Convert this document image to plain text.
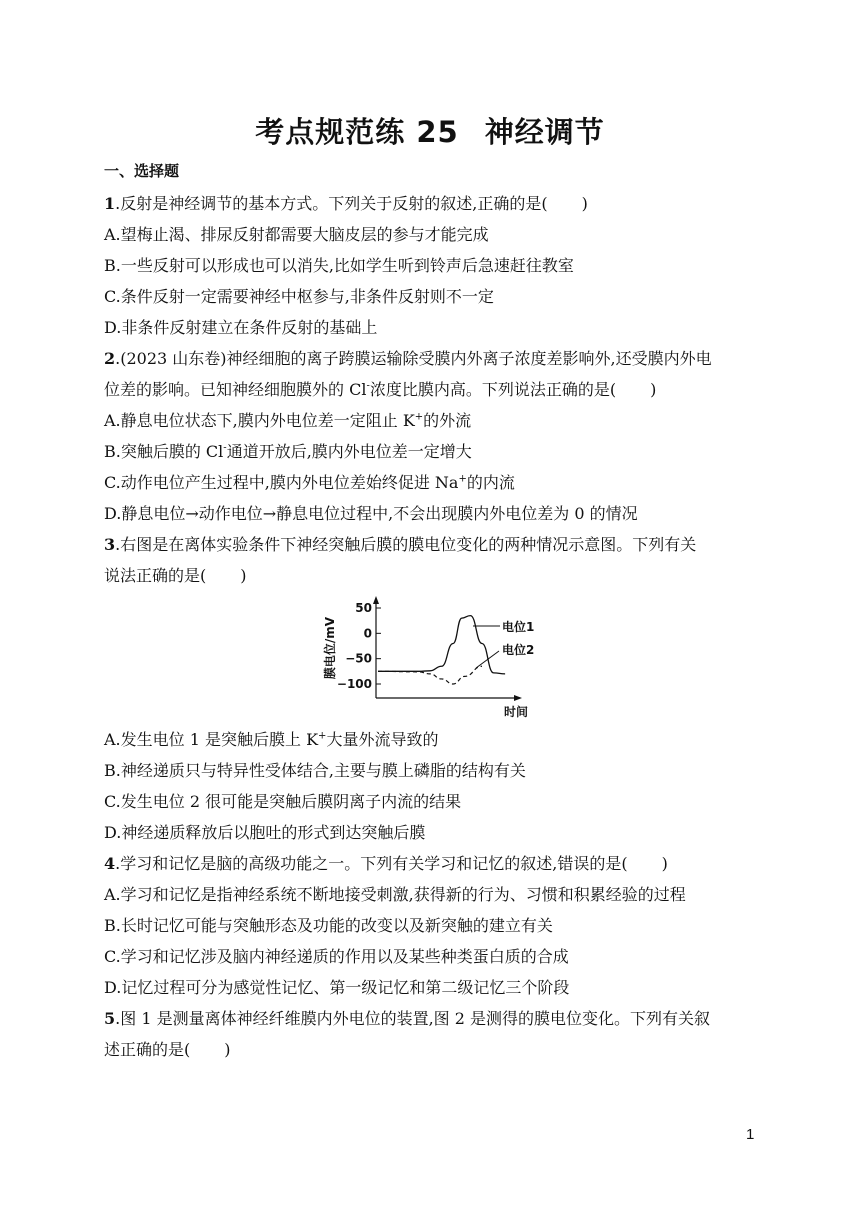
考点规范练 25 神经调节
一、选择题
1.反射是神经调节的基本方式。下列关于反射的叙述,正确的是( )
A.望梅止渴、排尿反射都需要大脑皮层的参与才能完成
B.一些反射可以形成也可以消失,比如学生听到铃声后急速赶往教室
C.条件反射一定需要神经中枢参与,非条件反射则不一定
D.非条件反射建立在条件反射的基础上
2.(2023 山东卷)神经细胞的离子跨膜运输除受膜内外离子浓度差影响外,还受膜内外电
位差的影响。已知神经细胞膜外的 Cl-浓度比膜内高。下列说法正确的是( )
A.静息电位状态下,膜内外电位差一定阻止 K+的外流
B.突触后膜的 Cl-通道开放后,膜内外电位差一定增大
C.动作电位产生过程中,膜内外电位差始终促进 Na+的内流
D.静息电位→动作电位→静息电位过程中,不会出现膜内外电位差为 0 的情况
3.右图是在离体实验条件下神经突触后膜的膜电位变化的两种情况示意图。下列有关
说法正确的是( )
50
0
−50
−100
膜电位/mV
时间
电位1
电位2
A.发生电位 1 是突触后膜上 K+大量外流导致的
B.神经递质只与特异性受体结合,主要与膜上磷脂的结构有关
C.发生电位 2 很可能是突触后膜阴离子内流的结果
D.神经递质释放后以胞吐的形式到达突触后膜
4.学习和记忆是脑的高级功能之一。下列有关学习和记忆的叙述,错误的是( )
A.学习和记忆是指神经系统不断地接受刺激,获得新的行为、习惯和积累经验的过程
B.长时记忆可能与突触形态及功能的改变以及新突触的建立有关
C.学习和记忆涉及脑内神经递质的作用以及某些种类蛋白质的合成
D.记忆过程可分为感觉性记忆、第一级记忆和第二级记忆三个阶段
5.图 1 是测量离体神经纤维膜内外电位的装置,图 2 是测得的膜电位变化。下列有关叙
述正确的是( )
1
